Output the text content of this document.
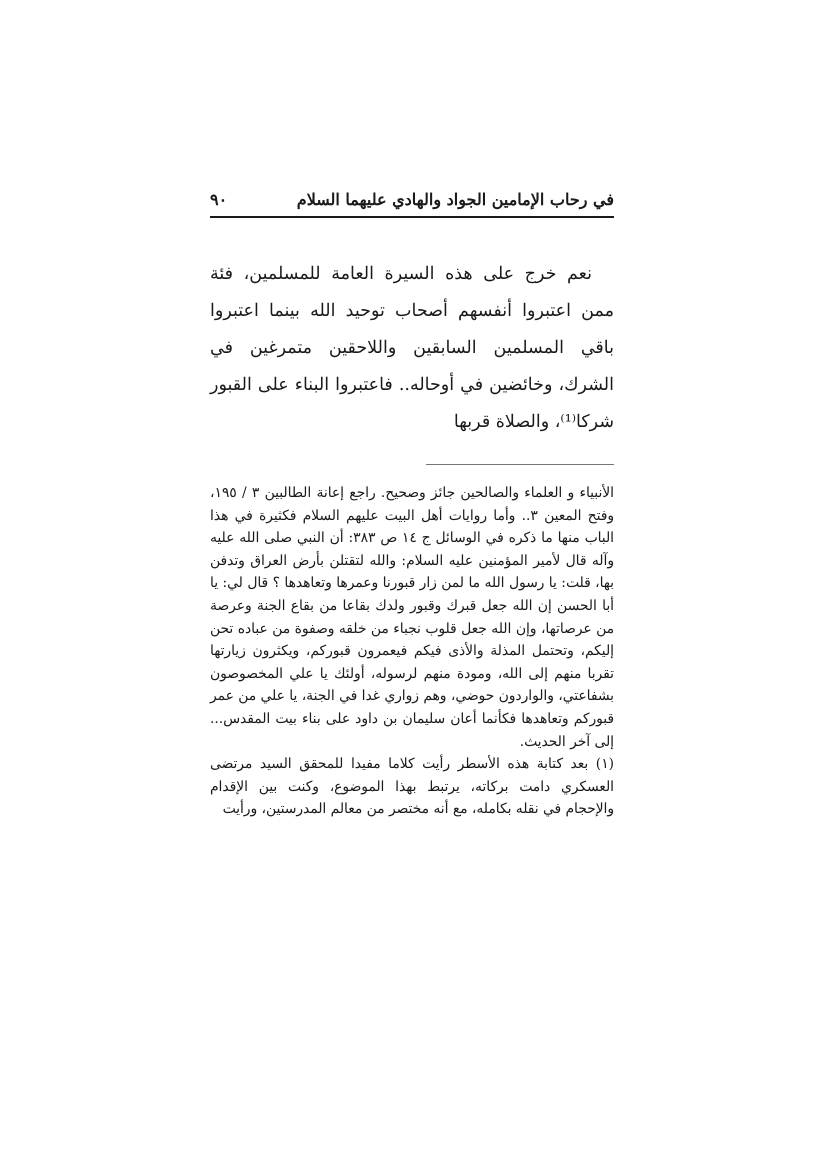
في رحاب الإمامين الجواد والهادي عليهما السلام
٩٠

نعم خرج على هذه السيرة العامة للمسلمين، فئة ممن اعتبروا أنفسهم أصحاب توحيد الله بينما اعتبروا باقي المسلمين السابقين واللاحقين متمرغين في الشرك، وخائضين في أوحاله.. فاعتبروا البناء على القبور شركا⁽¹⁾، والصلاة قربها

الأنبياء و العلماء والصالحين جائز وصحيح. راجع إعانة الطالبين ٣ / ١٩٥، وفتح المعين ٣.. وأما روايات أهل البيت عليهم السلام فكثيرة في هذا الباب منها ما ذكره في الوسائل ج ١٤ ص ٣٨٣: أن النبي صلى الله عليه وآله قال لأمير المؤمنين عليه السلام: والله لتقتلن بأرض العراق وتدفن بها، قلت: يا رسول الله ما لمن زار قبورنا وعمرها وتعاهدها ؟ قال لي: يا أبا الحسن إن الله جعل قبرك وقبور ولدك بقاعا من بقاع الجنة وعرصة من عرصاتها، وإن الله جعل قلوب نجباء من خلقه وصفوة من عباده تحن إليكم، وتحتمل المذلة والأذى فيكم فيعمرون قبوركم، ويكثرون زيارتها تقربا منهم إلى الله، ومودة منهم لرسوله، أولئك يا علي المخصوصون بشفاعتي، والواردون حوضي، وهم زواري غدا في الجنة، يا علي من عمر قبوركم وتعاهدها فكأنما أعان سليمان بن داود على بناء بيت المقدس... إلى آخر الحديث.

(١) بعد كتابة هذه الأسطر رأيت كلاما مفيدا للمحقق السيد مرتضى العسكري دامت بركاته، يرتبط بهذا الموضوع، وكنت بين الإقدام والإحجام في نقله بكامله، مع أنه مختصر من معالم المدرستين، ورأيت
